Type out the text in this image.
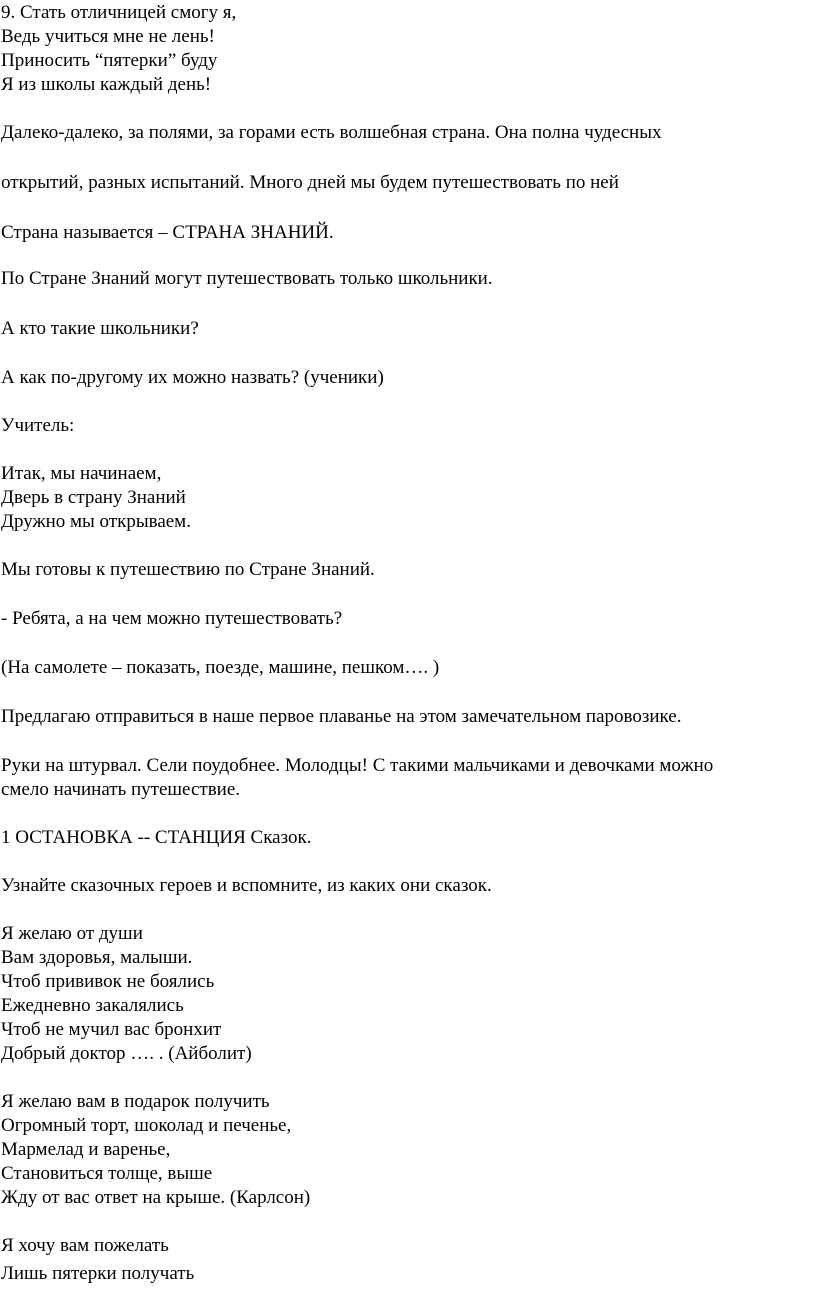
9. Стать отличницей смогу я,

Ведь учиться мне не лень!

Приносить “пятерки” буду

Я из школы каждый день!

Далеко-далеко, за полями, за горами есть волшебная страна. Она полна чудесных

открытий, разных испытаний. Много дней мы будем путешествовать по ней

Страна называется – СТРАНА ЗНАНИЙ.

По Стране Знаний могут путешествовать только школьники.

А кто такие школьники?

А как по-другому их можно назвать? (ученики)

Учитель:

Итак, мы начинаем,

Дверь в страну Знаний

Дружно мы открываем.

Мы готовы к путешествию по Стране Знаний.

- Ребята, а на чем можно путешествовать?

(На самолете – показать, поезде, машине, пешком…. )

Предлагаю отправиться в наше первое плаванье на этом замечательном паровозике.

Руки на штурвал. Сели поудобнее. Молодцы! С такими мальчиками и девочками можно

смело начинать путешествие.

1 ОСТАНОВКА -- СТАНЦИЯ Сказок.

Узнайте сказочных героев и вспомните, из каких они сказок.

Я желаю от души

Вам здоровья, малыши.

Чтоб прививок не боялись

Ежедневно закалялись

Чтоб не мучил вас бронхит

Добрый доктор …. . (Айболит)

Я желаю вам в подарок получить

Огромный торт, шоколад и печенье,

Мармелад и варенье,

Становиться толще, выше

Жду от вас ответ на крыше. (Карлсон)

Я хочу вам пожелать

Лишь пятерки получать
